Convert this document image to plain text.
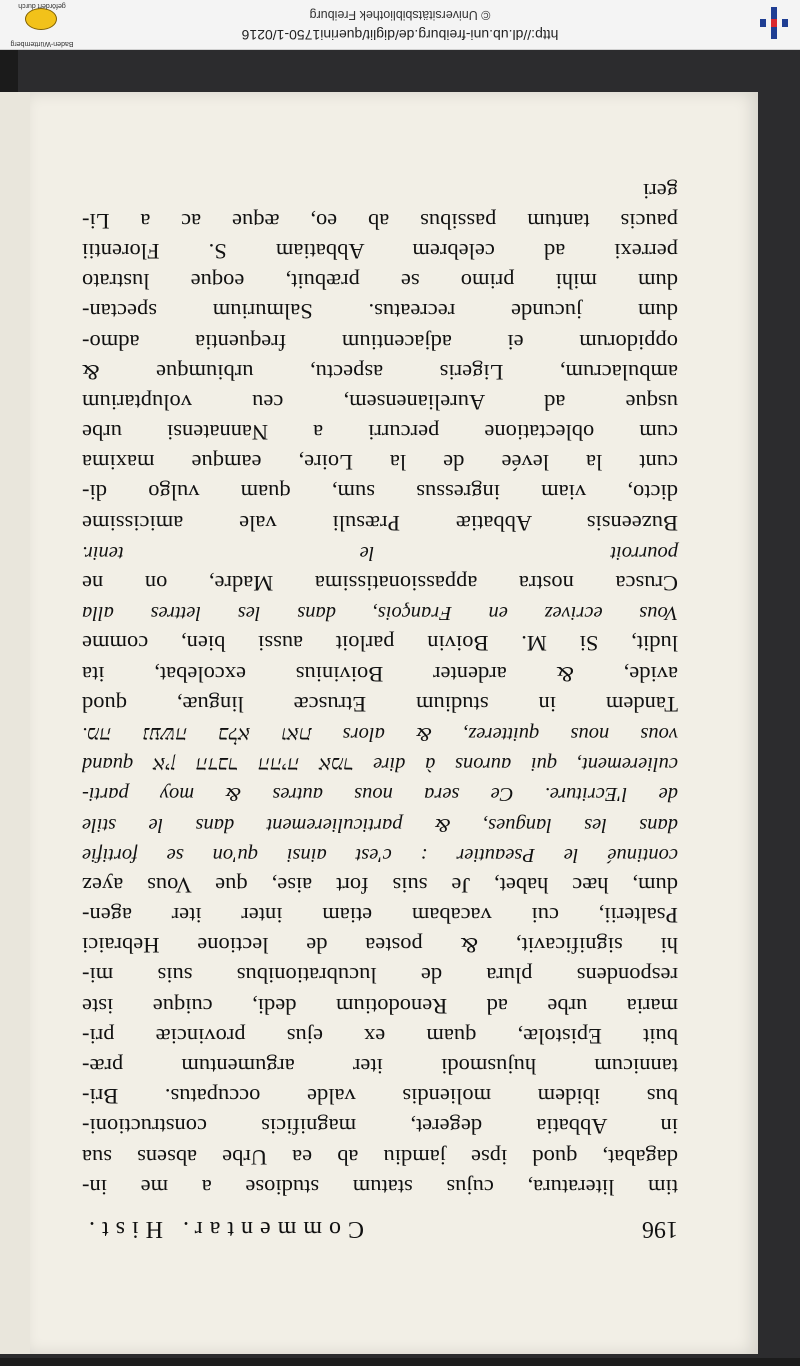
196
Commentar. Hist.
tim literatura, cujus statum studiose a me in-
dagabat, quod ipse jamdiu ab ea Urbe absens sua
in Abbatia degeret, magnificis constructioni-
bus ibidem moliendis valde occupatus. Bri-
tannicum hujusmodi iter argumentum præ-
buit Epistolæ, quam ex ejus provinciæ pri-
maria urbe ad Renodotium dedi, cuique iste
respondens plura de lucubrationibus suis mi-
hi significavit, & postea de lectione Hebraici
Psalterii, cui vacabam etiam inter iter agen-
dum, hæc habet, Je suis fort aise, que Vous ayez
continué le Pseautier : c'est ainsi qu'on se fortifie
dans les langues, & particulierement dans le stile
de l'Ecriture. Ce sera nous autres & moy parti-
culierement, qui aurons à dire אין הדבר ההיה אמר quand
vous nous quitterez, & alors מה נעשה בלא ואת.
Tandem in studium Etruscæ linguæ, quod
avide, & ardenter Boivinius excolebat, ita
ludit, Si M. Boivin parloit aussi bien, comme
Vous ecrivez en François, dans les lettres alla
Crusca nostra appassionatissima Madre, on ne
pourroit le tenir.
Buzeensis Abbatiæ Præsuli vale amicissime
dicto, viam ingressus sum, quam vulgo di-
cunt la levée de la Loire, eamque maxima
cum oblectatione percurri a Nannatensi urbe
usque ad Aurelianensem, ceu voluptarium
ambulacrum, Ligeris aspectu, urbiumque &
oppidorum ei adjacentium frequentia admo-
dum jucunde recreatus. Salmurium spectan-
dum mihi primo se præbuit, eoque lustrato
perrexi ad celebrem Abbatiam S. Florentii
paucis tantum passibus ab eo, æque ac a Li-
geri
http://dl.ub.uni-freiburg.de/diglit/querini1750-1/0216
© Universitätsbibliothek Freiburg
Baden-Württemberg
gefördert durch
